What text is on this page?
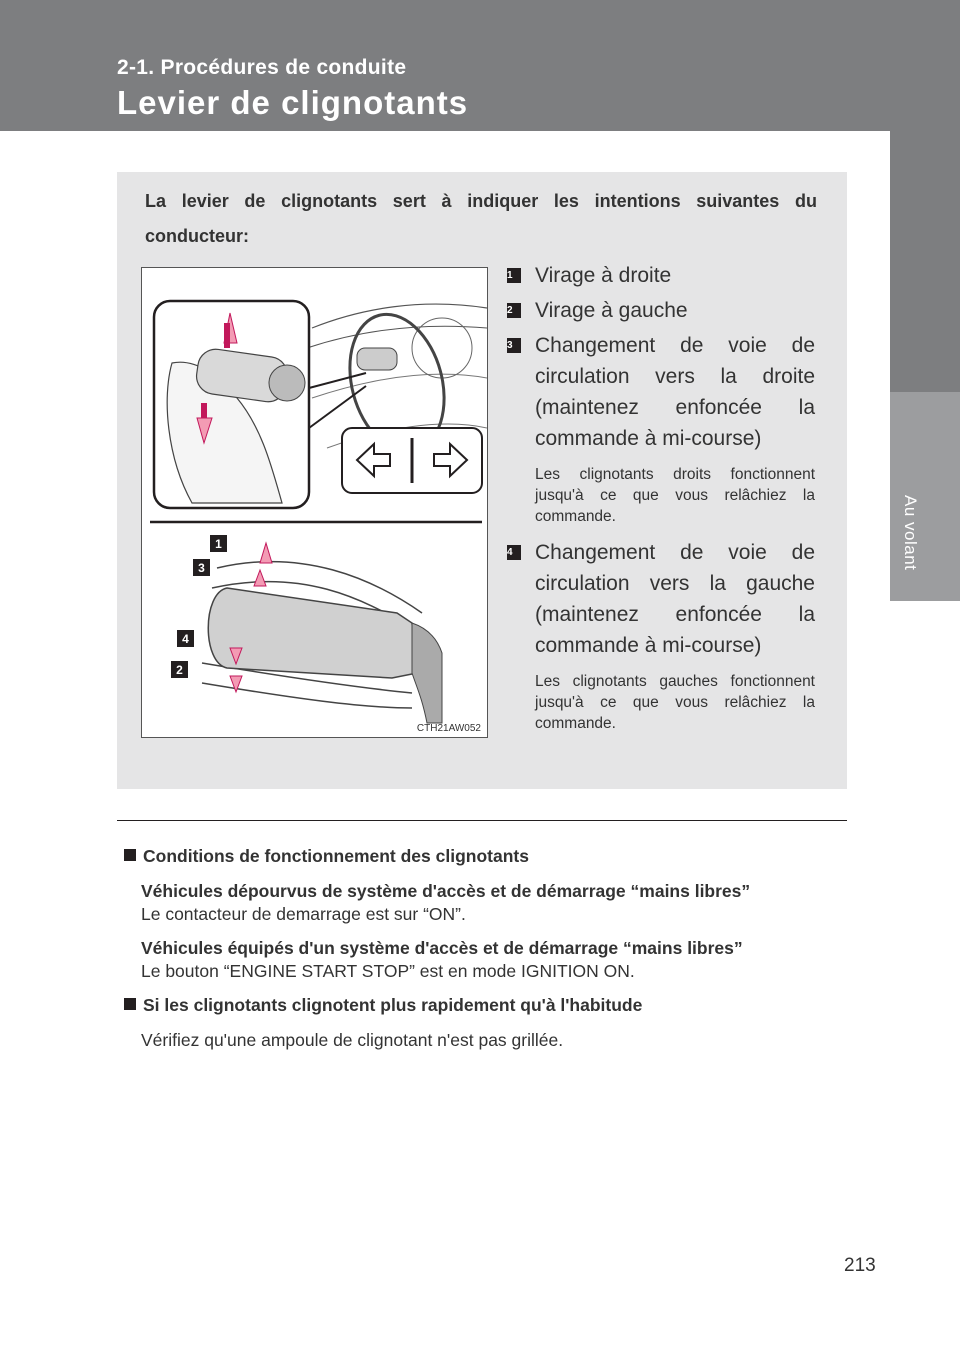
2-1. Procédures de conduite
Levier de clignotants
Au volant
La levier de clignotants sert à indiquer les intentions suivantes du conducteur:
1
3
4
2
CTH21AW052
1	Virage à droite
2	Virage à gauche
3	Changement de voie de circulation vers la droite (maintenez enfoncée la commande à mi-course)
Les clignotants droits fonctionnent jusqu'à ce que vous relâchiez la commande.
4	Changement de voie de circulation vers la gauche (maintenez enfoncée la commande à mi-course)
Les clignotants gauches fonctionnent jusqu'à ce que vous relâchiez la commande.
Conditions de fonctionnement des clignotants
Véhicules dépourvus de système d'accès et de démarrage “mains libres”
Le contacteur de demarrage est sur “ON”.
Véhicules équipés d'un système d'accès et de démarrage “mains libres”
Le bouton “ENGINE START STOP” est en mode IGNITION ON.
Si les clignotants clignotent plus rapidement qu'à l'habitude
Vérifiez qu'une ampoule de clignotant n'est pas grillée.
213
